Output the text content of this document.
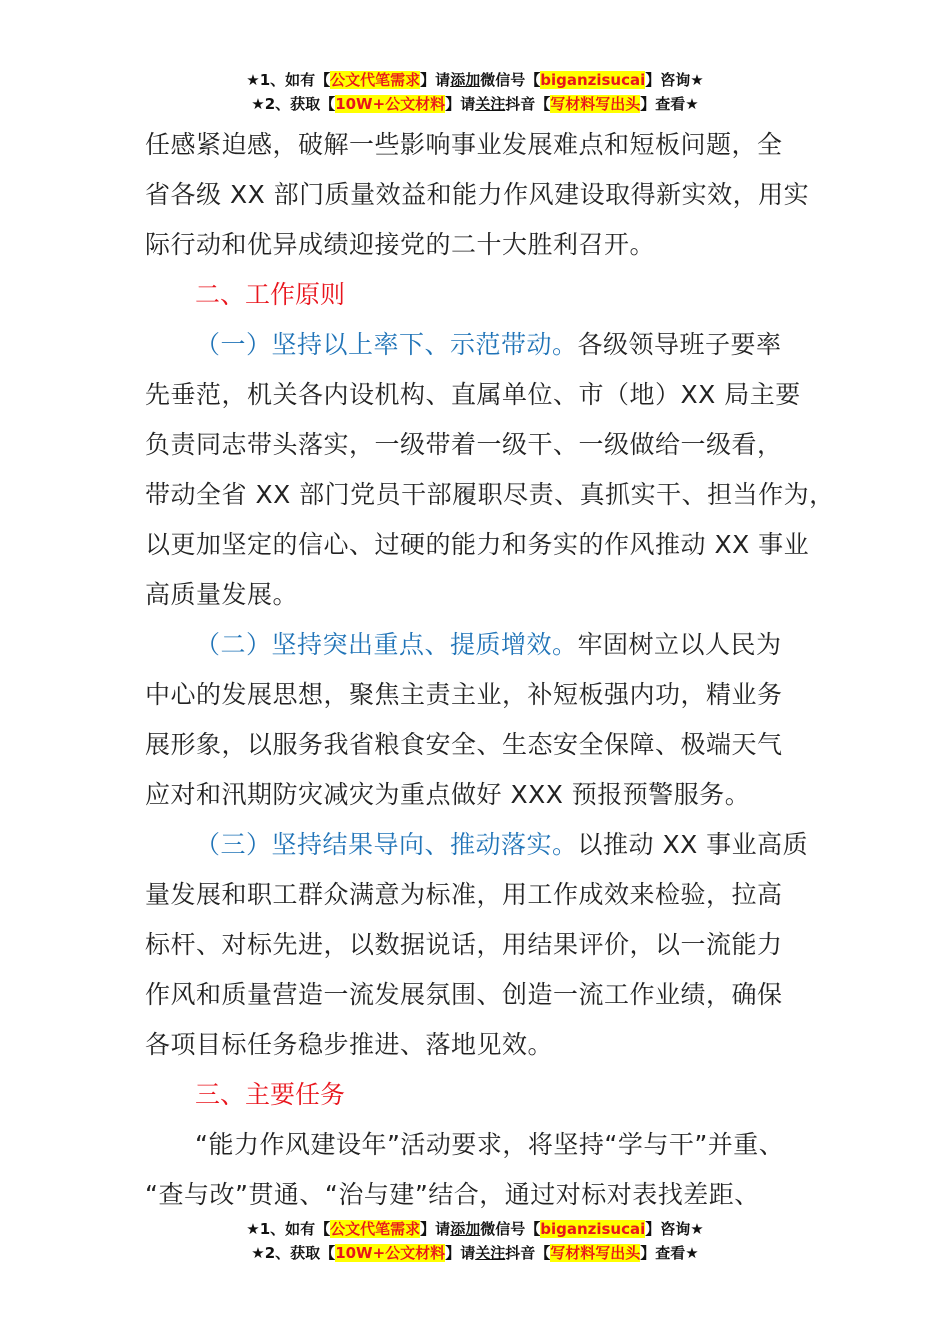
★1、如有【公文代笔需求】请添加微信号【biganzisucai】咨询★
★2、获取【10W+公文材料】请关注抖音【写材料写出头】查看★
任感紧迫感，破解一些影响事业发展难点和短板问题，全
省各级 XX 部门质量效益和能力作风建设取得新实效，用实
际行动和优异成绩迎接党的二十大胜利召开。
二、工作原则
（一）坚持以上率下、示范带动。各级领导班子要率
先垂范，机关各内设机构、直属单位、市（地）XX 局主要
负责同志带头落实，一级带着一级干、一级做给一级看，
带动全省 XX 部门党员干部履职尽责、真抓实干、担当作为，
以更加坚定的信心、过硬的能力和务实的作风推动 XX 事业
高质量发展。
（二）坚持突出重点、提质增效。牢固树立以人民为
中心的发展思想，聚焦主责主业，补短板强内功，精业务
展形象，以服务我省粮食安全、生态安全保障、极端天气
应对和汛期防灾减灾为重点做好 XXX 预报预警服务。
（三）坚持结果导向、推动落实。以推动 XX 事业高质
量发展和职工群众满意为标准，用工作成效来检验，拉高
标杆、对标先进，以数据说话，用结果评价，以一流能力
作风和质量营造一流发展氛围、创造一流工作业绩，确保
各项目标任务稳步推进、落地见效。
三、主要任务
“能力作风建设年”活动要求，将坚持“学与干”并重、
“查与改”贯通、“治与建”结合，通过对标对表找差距、
★1、如有【公文代笔需求】请添加微信号【biganzisucai】咨询★
★2、获取【10W+公文材料】请关注抖音【写材料写出头】查看★
